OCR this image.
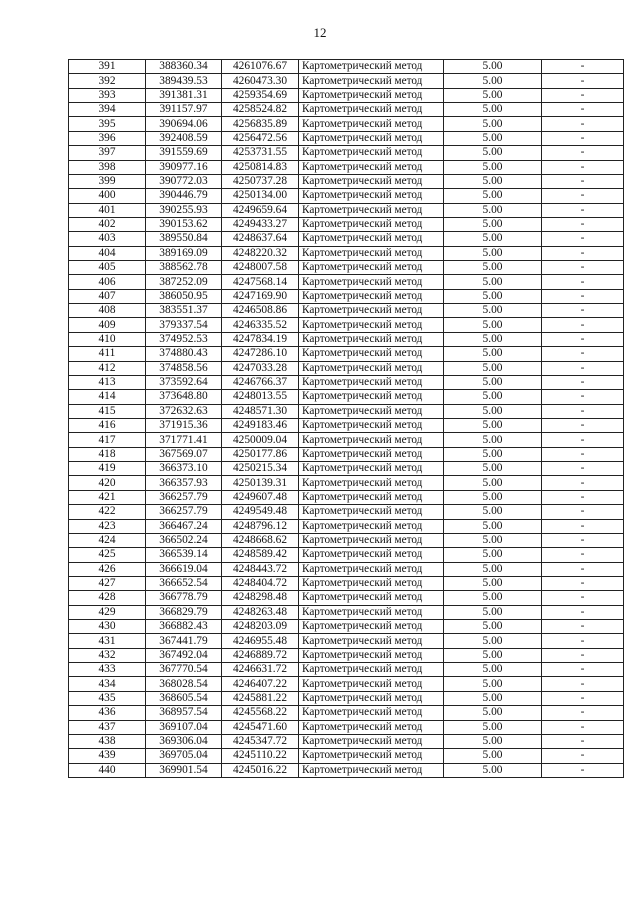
12
391	388360.34	4261076.67	Картометрический метод	5.00	-
392	389439.53	4260473.30	Картометрический метод	5.00	-
393	391381.31	4259354.69	Картометрический метод	5.00	-
394	391157.97	4258524.82	Картометрический метод	5.00	-
395	390694.06	4256835.89	Картометрический метод	5.00	-
396	392408.59	4256472.56	Картометрический метод	5.00	-
397	391559.69	4253731.55	Картометрический метод	5.00	-
398	390977.16	4250814.83	Картометрический метод	5.00	-
399	390772.03	4250737.28	Картометрический метод	5.00	-
400	390446.79	4250134.00	Картометрический метод	5.00	-
401	390255.93	4249659.64	Картометрический метод	5.00	-
402	390153.62	4249433.27	Картометрический метод	5.00	-
403	389550.84	4248637.64	Картометрический метод	5.00	-
404	389169.09	4248220.32	Картометрический метод	5.00	-
405	388562.78	4248007.58	Картометрический метод	5.00	-
406	387252.09	4247568.14	Картометрический метод	5.00	-
407	386050.95	4247169.90	Картометрический метод	5.00	-
408	383551.37	4246508.86	Картометрический метод	5.00	-
409	379337.54	4246335.52	Картометрический метод	5.00	-
410	374952.53	4247834.19	Картометрический метод	5.00	-
411	374880.43	4247286.10	Картометрический метод	5.00	-
412	374858.56	4247033.28	Картометрический метод	5.00	-
413	373592.64	4246766.37	Картометрический метод	5.00	-
414	373648.80	4248013.55	Картометрический метод	5.00	-
415	372632.63	4248571.30	Картометрический метод	5.00	-
416	371915.36	4249183.46	Картометрический метод	5.00	-
417	371771.41	4250009.04	Картометрический метод	5.00	-
418	367569.07	4250177.86	Картометрический метод	5.00	-
419	366373.10	4250215.34	Картометрический метод	5.00	-
420	366357.93	4250139.31	Картометрический метод	5.00	-
421	366257.79	4249607.48	Картометрический метод	5.00	-
422	366257.79	4249549.48	Картометрический метод	5.00	-
423	366467.24	4248796.12	Картометрический метод	5.00	-
424	366502.24	4248668.62	Картометрический метод	5.00	-
425	366539.14	4248589.42	Картометрический метод	5.00	-
426	366619.04	4248443.72	Картометрический метод	5.00	-
427	366652.54	4248404.72	Картометрический метод	5.00	-
428	366778.79	4248298.48	Картометрический метод	5.00	-
429	366829.79	4248263.48	Картометрический метод	5.00	-
430	366882.43	4248203.09	Картометрический метод	5.00	-
431	367441.79	4246955.48	Картометрический метод	5.00	-
432	367492.04	4246889.72	Картометрический метод	5.00	-
433	367770.54	4246631.72	Картометрический метод	5.00	-
434	368028.54	4246407.22	Картометрический метод	5.00	-
435	368605.54	4245881.22	Картометрический метод	5.00	-
436	368957.54	4245568.22	Картометрический метод	5.00	-
437	369107.04	4245471.60	Картометрический метод	5.00	-
438	369306.04	4245347.72	Картометрический метод	5.00	-
439	369705.04	4245110.22	Картометрический метод	5.00	-
440	369901.54	4245016.22	Картометрический метод	5.00	-
